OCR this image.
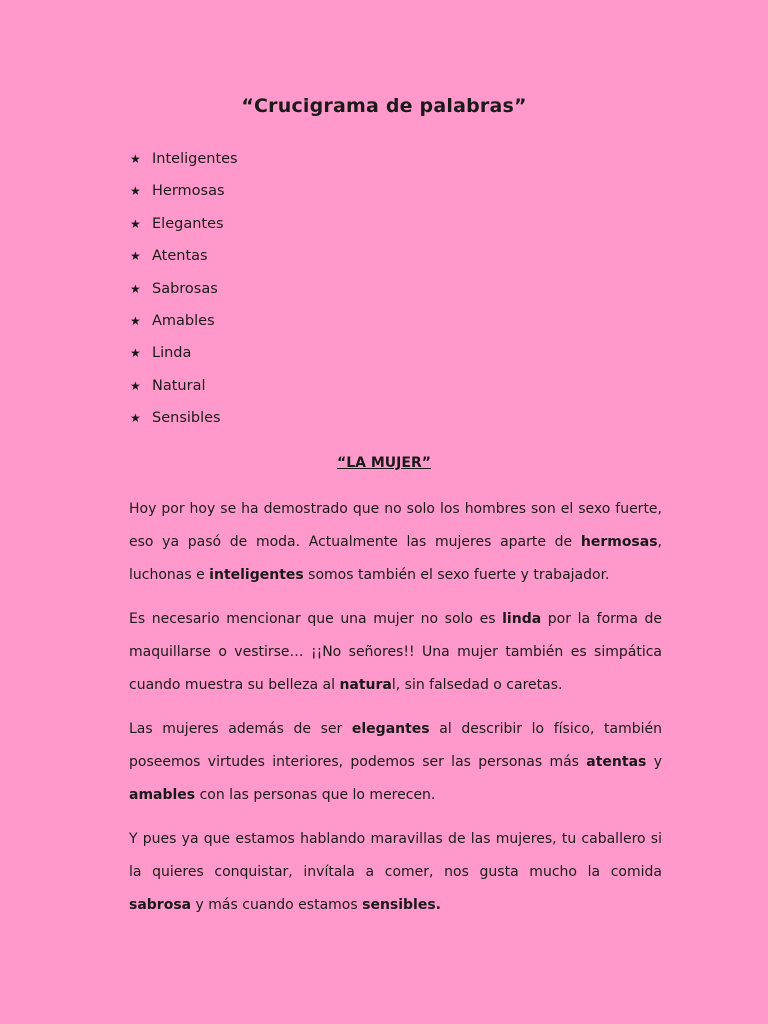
“Crucigrama de palabras”
★ Inteligentes
★ Hermosas
★ Elegantes
★ Atentas
★ Sabrosas
★ Amables
★ Linda
★ Natural
★ Sensibles
“LA MUJER”

Hoy por hoy se ha demostrado que no solo los hombres son el sexo fuerte, eso ya pasó de moda. Actualmente las mujeres aparte de hermosas, luchonas e inteligentes somos también el sexo fuerte y trabajador.

Es necesario mencionar que una mujer no solo es linda por la forma de maquillarse o vestirse… ¡¡No señores!! Una mujer también es simpática cuando muestra su belleza al natural, sin falsedad o caretas.

Las mujeres además de ser elegantes al describir lo físico, también poseemos virtudes interiores, podemos ser las personas más atentas y amables con las personas que lo merecen.

Y pues ya que estamos hablando maravillas de las mujeres, tu caballero si la quieres conquistar, invítala a comer, nos gusta mucho la comida sabrosa y más cuando estamos sensibles.
